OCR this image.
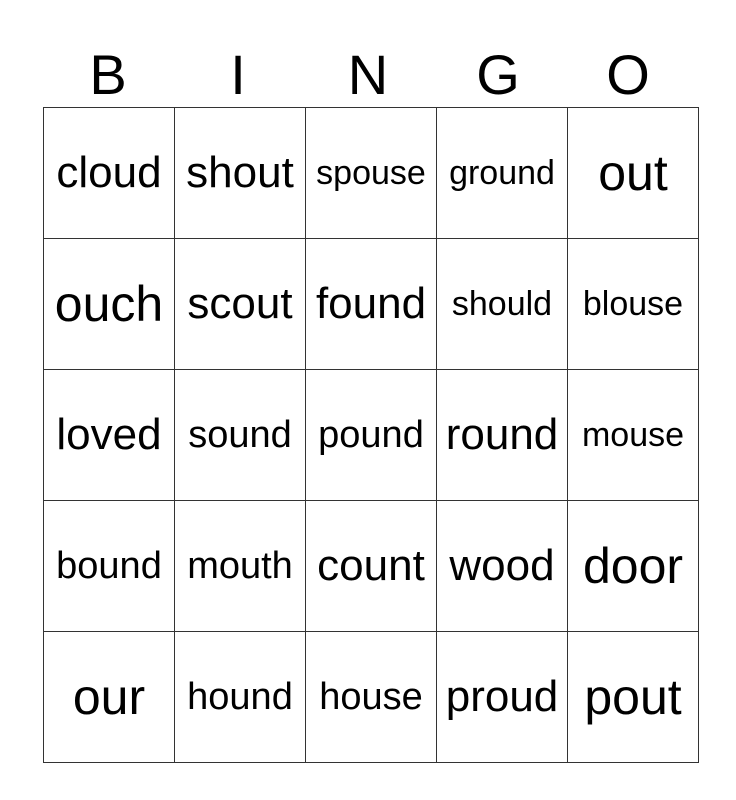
B	I	N	G	O
cloud	shout	spouse	ground	out
ouch	scout	found	should	blouse
loved	sound	pound	round	mouse
bound	mouth	count	wood	door
our	hound	house	proud	pout
